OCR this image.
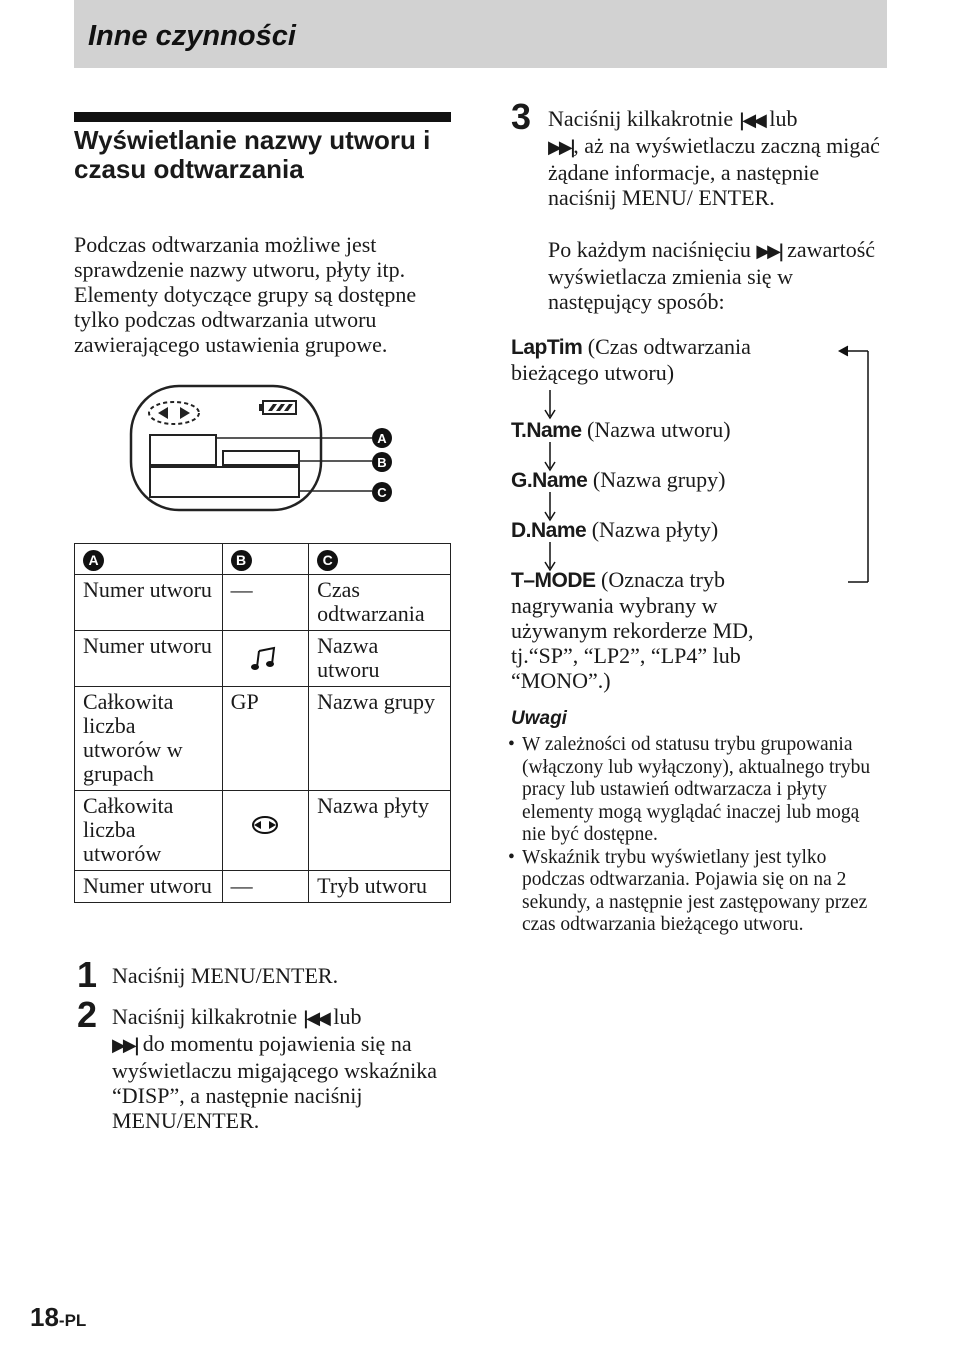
Inne czynności
Wyświetlanie nazwy utworu i czasu odtwarzania
Podczas odtwarzania możliwe jest sprawdzenie nazwy utworu, płyty itp. Elementy dotyczące grupy są dostępne tylko podczas odtwarzania utworu zawierającego ustawienia grupowe.
A
B
C
A	B	C
Numer utworu	—	Czas odtwarzania
Numer utworu		Nazwa utworu
Całkowita liczba utworów w grupach	GP	Nazwa grupy
Całkowita liczba utworów		Nazwa płyty
Numer utworu	—	Tryb utworu
1 Naciśnij MENU/ENTER.
2 Naciśnij kilkakrotnie |◀◀ lub
▶▶| do momentu pojawienia się na wyświetlaczu migającego wskaźnika “DISP”, a następnie naciśnij MENU/ENTER.
3 Naciśnij kilkakrotnie |◀◀ lub
▶▶|, aż na wyświetlaczu zaczną migać żądane informacje, a następnie naciśnij MENU/ ENTER.
Po każdym naciśnięciu ▶▶| zawartość wyświetlacza zmienia się w następujący sposób:
LapTim (Czas odtwarzania bieżącego utworu)
T.Name (Nazwa utworu)
G.Name (Nazwa grupy)
D.Name (Nazwa płyty)
T–MODE (Oznacza tryb nagrywania wybrany w używanym rekorderze MD, tj.“SP”, “LP2”, “LP4” lub “MONO”.)
Uwagi
• W zależności od statusu trybu grupowania (włączony lub wyłączony), aktualnego trybu pracy lub ustawień odtwarzacza i płyty elementy mogą wyglądać inaczej lub mogą nie być dostępne.
• Wskaźnik trybu wyświetlany jest tylko podczas odtwarzania. Pojawia się on na 2 sekundy, a następnie jest zastępowany przez czas odtwarzania bieżącego utworu.
18-PL
